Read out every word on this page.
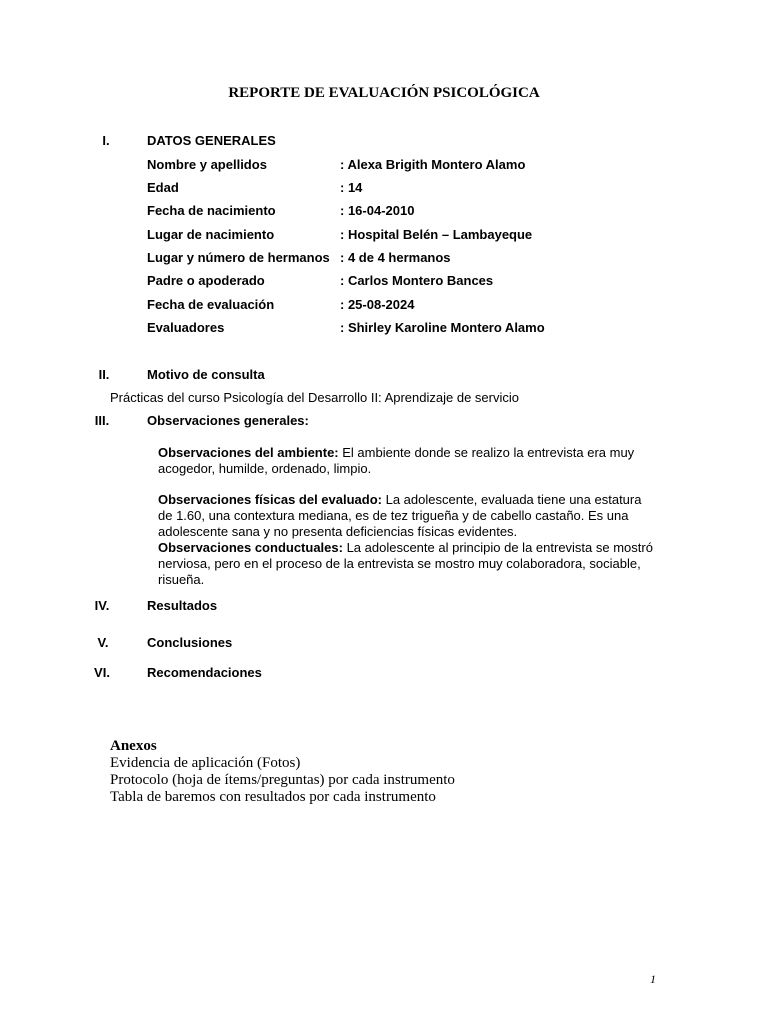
REPORTE DE EVALUACIÓN PSICOLÓGICA
I.	DATOS GENERALES
Nombre y apellidos	: Alexa Brigith Montero Alamo
Edad	: 14
Fecha de nacimiento	: 16-04-2010
Lugar de nacimiento	: Hospital Belén – Lambayeque
Lugar y número de hermanos : 4 de 4 hermanos
Padre o apoderado	: Carlos Montero Bances
Fecha de evaluación	: 25-08-2024
Evaluadores	: Shirley Karoline Montero Alamo
II.	Motivo de consulta
Prácticas del curso Psicología del Desarrollo II: Aprendizaje de servicio
III.	Observaciones generales:
Observaciones del ambiente: El ambiente donde se realizo la entrevista era muy acogedor, humilde, ordenado, limpio.
Observaciones físicas del evaluado: La adolescente, evaluada tiene una estatura de 1.60, una contextura mediana, es de tez trigueña y de cabello castaño. Es una adolescente sana y no presenta deficiencias físicas evidentes.
Observaciones conductuales: La adolescente al principio de la entrevista se mostró nerviosa, pero en el proceso de la entrevista se mostro muy colaboradora, sociable, risueña.
IV.	Resultados
V.	Conclusiones
VI.	Recomendaciones
Anexos
Evidencia de aplicación (Fotos)
Protocolo (hoja de ítems/preguntas) por cada instrumento
Tabla de baremos con resultados por cada instrumento
1
